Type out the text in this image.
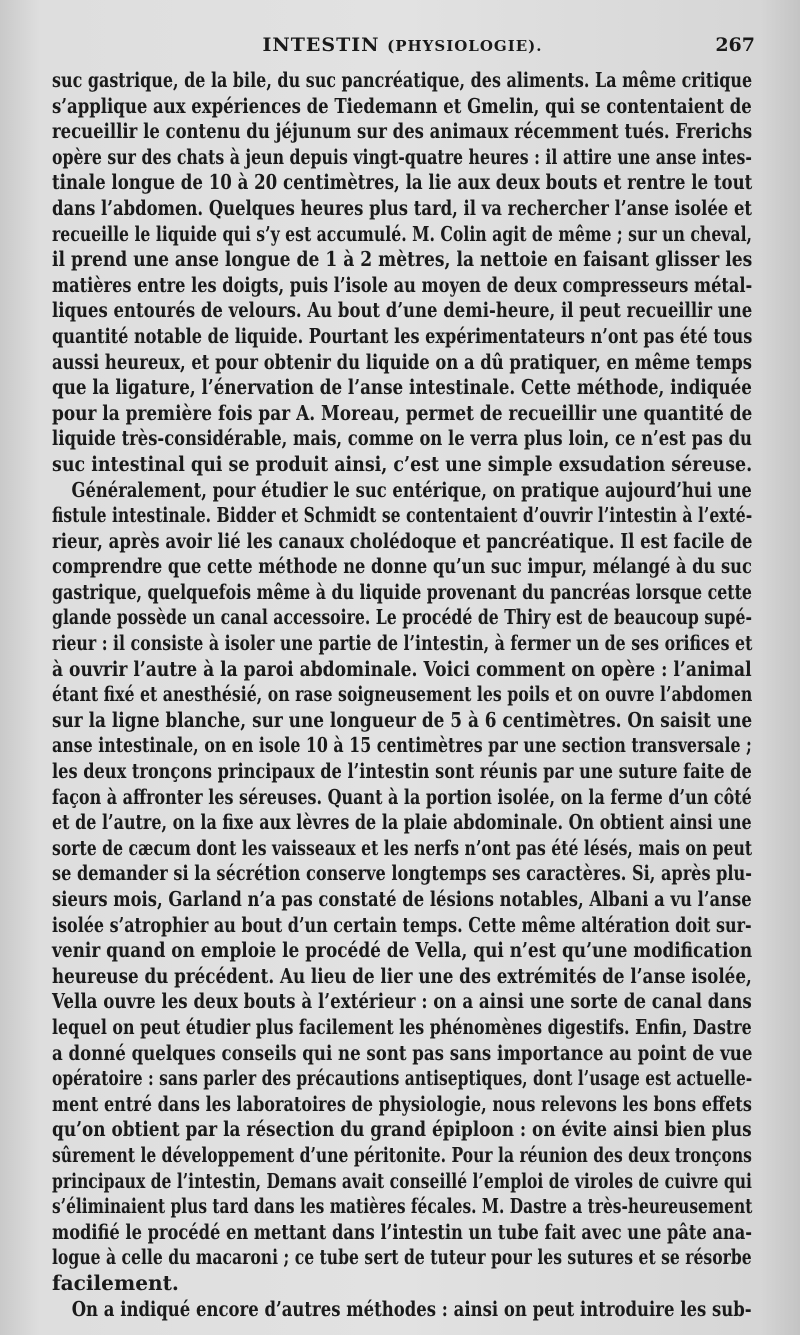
INTESTIN (PHYSIOLOGIE).	267
suc gastrique, de la bile, du suc pancréatique, des aliments. La même critique
s’applique aux expériences de Tiedemann et Gmelin, qui se contentaient de
recueillir le contenu du jéjunum sur des animaux récemment tués. Frerichs
opère sur des chats à jeun depuis vingt-quatre heures : il attire une anse intes-
tinale longue de 10 à 20 centimètres, la lie aux deux bouts et rentre le tout
dans l’abdomen. Quelques heures plus tard, il va rechercher l’anse isolée et
recueille le liquide qui s’y est accumulé. M. Colin agit de même ; sur un cheval,
il prend une anse longue de 1 à 2 mètres, la nettoie en faisant glisser les
matières entre les doigts, puis l’isole au moyen de deux compresseurs métal-
liques entourés de velours. Au bout d’une demi-heure, il peut recueillir une
quantité notable de liquide. Pourtant les expérimentateurs n’ont pas été tous
aussi heureux, et pour obtenir du liquide on a dû pratiquer, en même temps
que la ligature, l’énervation de l’anse intestinale. Cette méthode, indiquée
pour la première fois par A. Moreau, permet de recueillir une quantité de
liquide très-considérable, mais, comme on le verra plus loin, ce n’est pas du
suc intestinal qui se produit ainsi, c’est une simple exsudation séreuse.
Généralement, pour étudier le suc entérique, on pratique aujourd’hui une
fistule intestinale. Bidder et Schmidt se contentaient d’ouvrir l’intestin à l’exté-
rieur, après avoir lié les canaux cholédoque et pancréatique. Il est facile de
comprendre que cette méthode ne donne qu’un suc impur, mélangé à du suc
gastrique, quelquefois même à du liquide provenant du pancréas lorsque cette
glande possède un canal accessoire. Le procédé de Thiry est de beaucoup supé-
rieur : il consiste à isoler une partie de l’intestin, à fermer un de ses orifices et
à ouvrir l’autre à la paroi abdominale. Voici comment on opère : l’animal
étant fixé et anesthésié, on rase soigneusement les poils et on ouvre l’abdomen
sur la ligne blanche, sur une longueur de 5 à 6 centimètres. On saisit une
anse intestinale, on en isole 10 à 15 centimètres par une section transversale ;
les deux tronçons principaux de l’intestin sont réunis par une suture faite de
façon à affronter les séreuses. Quant à la portion isolée, on la ferme d’un côté
et de l’autre, on la fixe aux lèvres de la plaie abdominale. On obtient ainsi une
sorte de cæcum dont les vaisseaux et les nerfs n’ont pas été lésés, mais on peut
se demander si la sécrétion conserve longtemps ses caractères. Si, après plu-
sieurs mois, Garland n’a pas constaté de lésions notables, Albani a vu l’anse
isolée s’atrophier au bout d’un certain temps. Cette même altération doit sur-
venir quand on emploie le procédé de Vella, qui n’est qu’une modification
heureuse du précédent. Au lieu de lier une des extrémités de l’anse isolée,
Vella ouvre les deux bouts à l’extérieur : on a ainsi une sorte de canal dans
lequel on peut étudier plus facilement les phénomènes digestifs. Enfin, Dastre
a donné quelques conseils qui ne sont pas sans importance au point de vue
opératoire : sans parler des précautions antiseptiques, dont l’usage est actuelle-
ment entré dans les laboratoires de physiologie, nous relevons les bons effets
qu’on obtient par la résection du grand épiploon : on évite ainsi bien plus
sûrement le développement d’une péritonite. Pour la réunion des deux tronçons
principaux de l’intestin, Demans avait conseillé l’emploi de viroles de cuivre qui
s’éliminaient plus tard dans les matières fécales. M. Dastre a très-heureusement
modifié le procédé en mettant dans l’intestin un tube fait avec une pâte ana-
logue à celle du macaroni ; ce tube sert de tuteur pour les sutures et se résorbe
facilement.
On a indiqué encore d’autres méthodes : ainsi on peut introduire les sub-
